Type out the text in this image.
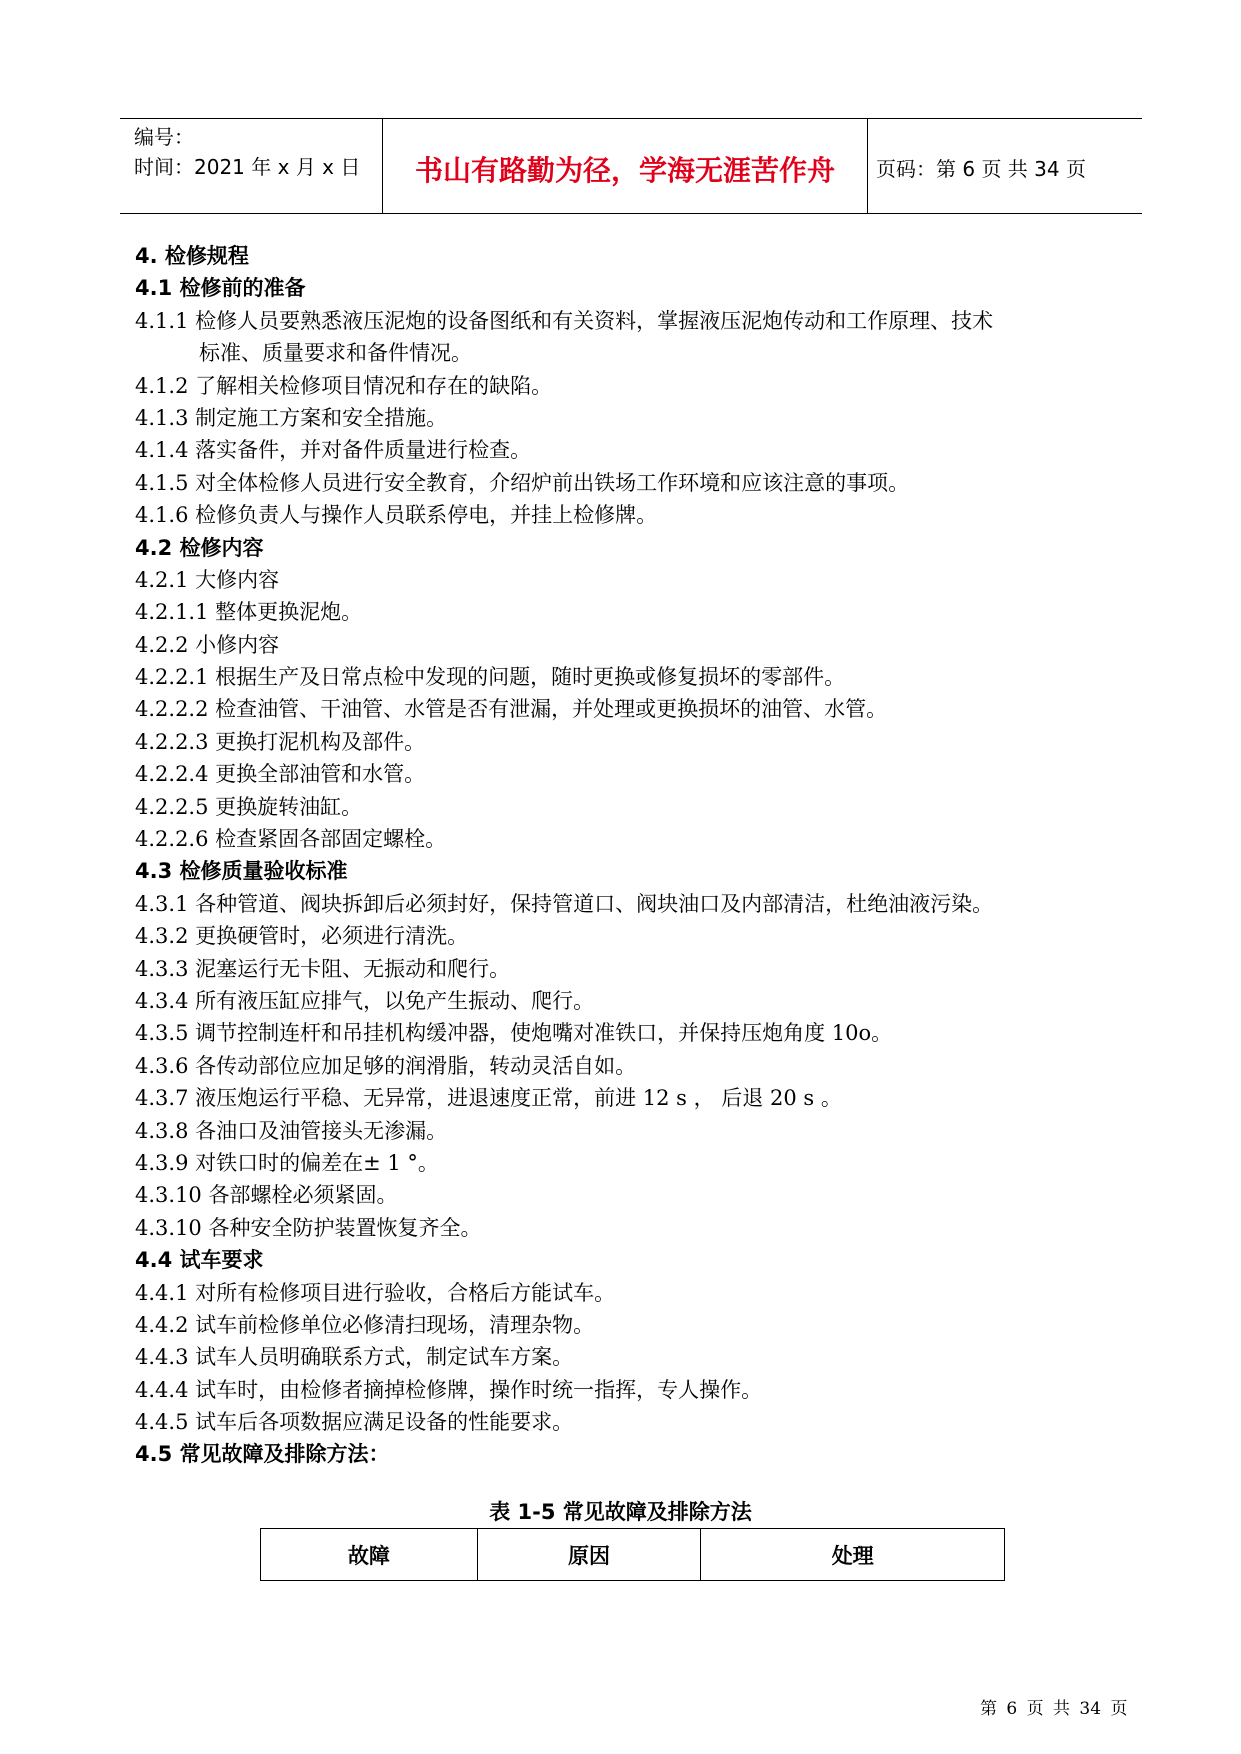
编号：
时间：2021 年 x 月 x 日	书山有路勤为径，学海无涯苦作舟	页码：第 6 页 共 34 页
4. 检修规程
4.1 检修前的准备
4.1.1 检修人员要熟悉液压泥炮的设备图纸和有关资料，掌握液压泥炮传动和工作原理、技术
标准、质量要求和备件情况。
4.1.2 了解相关检修项目情况和存在的缺陷。
4.1.3 制定施工方案和安全措施。
4.1.4 落实备件，并对备件质量进行检查。
4.1.5 对全体检修人员进行安全教育，介绍炉前出铁场工作环境和应该注意的事项。
4.1.6 检修负责人与操作人员联系停电，并挂上检修牌。
4.2 检修内容
4.2.1 大修内容
4.2.1.1 整体更换泥炮。
4.2.2 小修内容
4.2.2.1 根据生产及日常点检中发现的问题，随时更换或修复损坏的零部件。
4.2.2.2 检查油管、干油管、水管是否有泄漏，并处理或更换损坏的油管、水管。
4.2.2.3 更换打泥机构及部件。
4.2.2.4 更换全部油管和水管。
4.2.2.5 更换旋转油缸。
4.2.2.6 检查紧固各部固定螺栓。
4.3 检修质量验收标准
4.3.1 各种管道、阀块拆卸后必须封好，保持管道口、阀块油口及内部清洁，杜绝油液污染。
4.3.2 更换硬管时，必须进行清洗。
4.3.3 泥塞运行无卡阻、无振动和爬行。
4.3.4 所有液压缸应排气，以免产生振动、爬行。
4.3.5 调节控制连杆和吊挂机构缓冲器，使炮嘴对准铁口，并保持压炮角度 10o。
4.3.6 各传动部位应加足够的润滑脂，转动灵活自如。
4.3.7 液压炮运行平稳、无异常，进退速度正常，前进 12 s ， 后退 20 s 。
4.3.8 各油口及油管接头无渗漏。
4.3.9 对铁口时的偏差在± 1 °。
4.3.10 各部螺栓必须紧固。
4.3.10 各种安全防护装置恢复齐全。
4.4 试车要求
4.4.1 对所有检修项目进行验收，合格后方能试车。
4.4.2 试车前检修单位必修清扫现场，清理杂物。
4.4.3 试车人员明确联系方式，制定试车方案。
4.4.4 试车时，由检修者摘掉检修牌，操作时统一指挥，专人操作。
4.4.5 试车后各项数据应满足设备的性能要求。
4.5 常见故障及排除方法：
表 1-5 常见故障及排除方法
故障	原因	处理
第 6 页 共 34 页
